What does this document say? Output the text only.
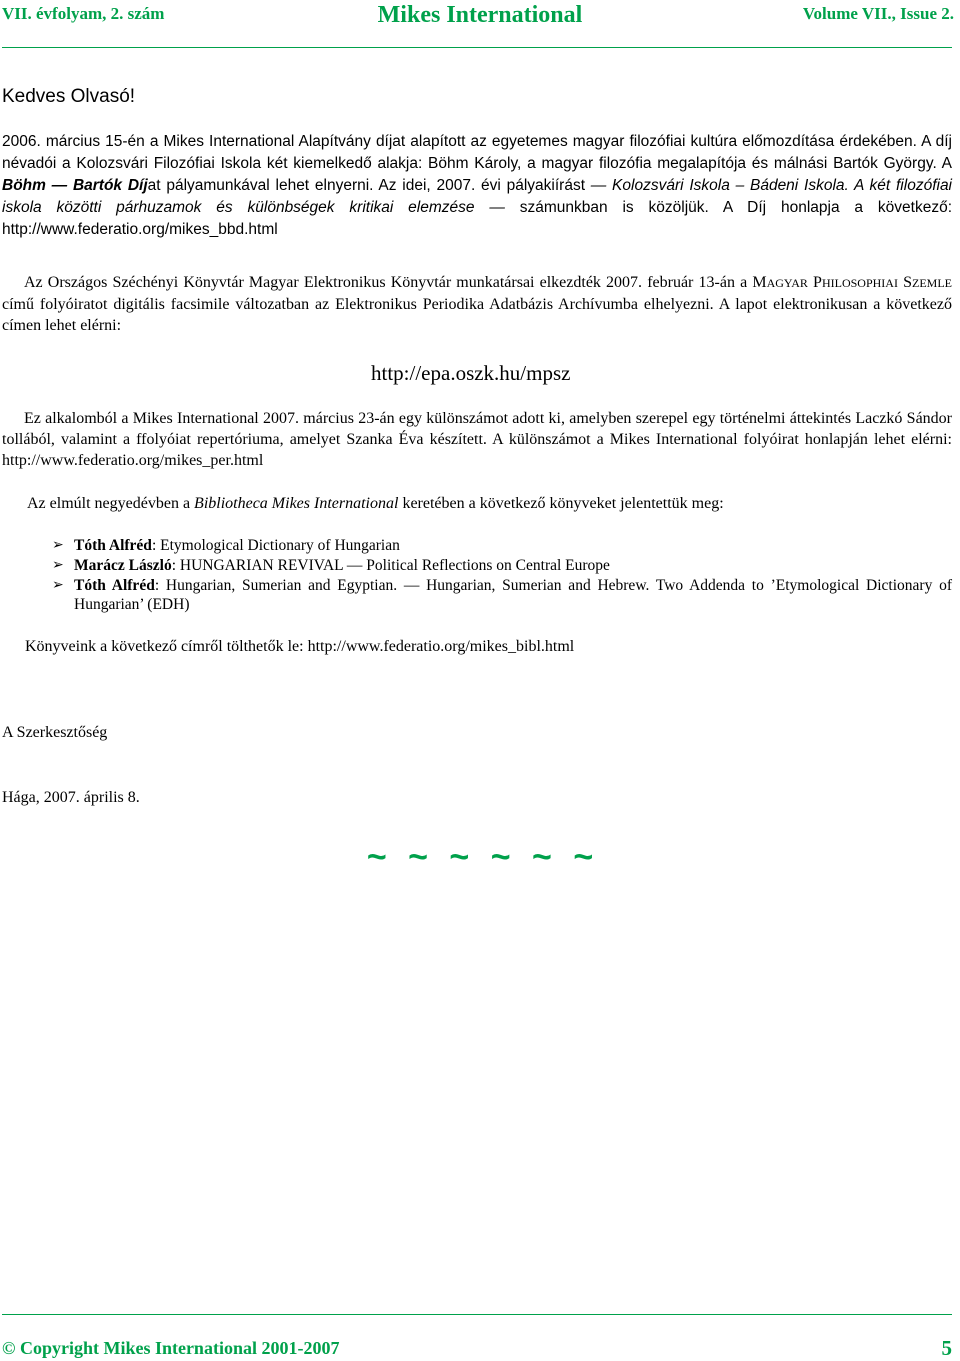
VII. évfolyam, 2. szám	Mikes International	Volume VII., Issue 2.
Kedves Olvasó!
2006. március 15-én a Mikes International Alapítvány díjat alapított az egyetemes magyar filozófiai kultúra előmozdítása érdekében. A díj névadói a Kolozsvári Filozófiai Iskola két kiemelkedő alakja: Böhm Károly, a magyar filozófia megalapítója és málnási Bartók György. A Böhm — Bartók Díjat pályamunkával lehet elnyerni. Az idei, 2007. évi pályakiírást — Kolozsvári Iskola – Bádeni Iskola. A két filozófiai iskola közötti párhuzamok és különbségek kritikai elemzése — számunkban is közöljük. A Díj honlapja a következő: http://www.federatio.org/mikes_bbd.html
Az Országos Széchényi Könyvtár Magyar Elektronikus Könyvtár munkatársai elkezdték 2007. február 13-án a MAGYAR PHILOSOPHIAI SZEMLE című folyóiratot digitális facsimile változatban az Elektronikus Periodika Adatbázis Archívumba elhelyezni. A lapot elektronikusan a következő címen lehet elérni:
http://epa.oszk.hu/mpsz
Ez alkalomból a Mikes International 2007. március 23-án egy különszámot adott ki, amelyben szerepel egy történelmi áttekintés Laczkó Sándor tollából, valamint a ffolyóiat repertóriuma, amelyet Szanka Éva készített. A különszámot a Mikes International folyóirat honlapján lehet elérni: http://www.federatio.org/mikes_per.html
Az elmúlt negyedévben a Bibliotheca Mikes International keretében a következő könyveket jelentettük meg:
➢ Tóth Alfréd: Etymological Dictionary of Hungarian
➢ Marácz László: HUNGARIAN REVIVAL — Political Reflections on Central Europe
➢ Tóth Alfréd: Hungarian, Sumerian and Egyptian. — Hungarian, Sumerian and Hebrew. Two Addenda to ’Etymological Dictionary of Hungarian’ (EDH)
Könyveink a következő címről tölthetők le: http://www.federatio.org/mikes_bibl.html
A Szerkesztőség
Hága, 2007. április 8.
~ ~ ~ ~ ~ ~
© Copyright Mikes International 2001-2007	5
